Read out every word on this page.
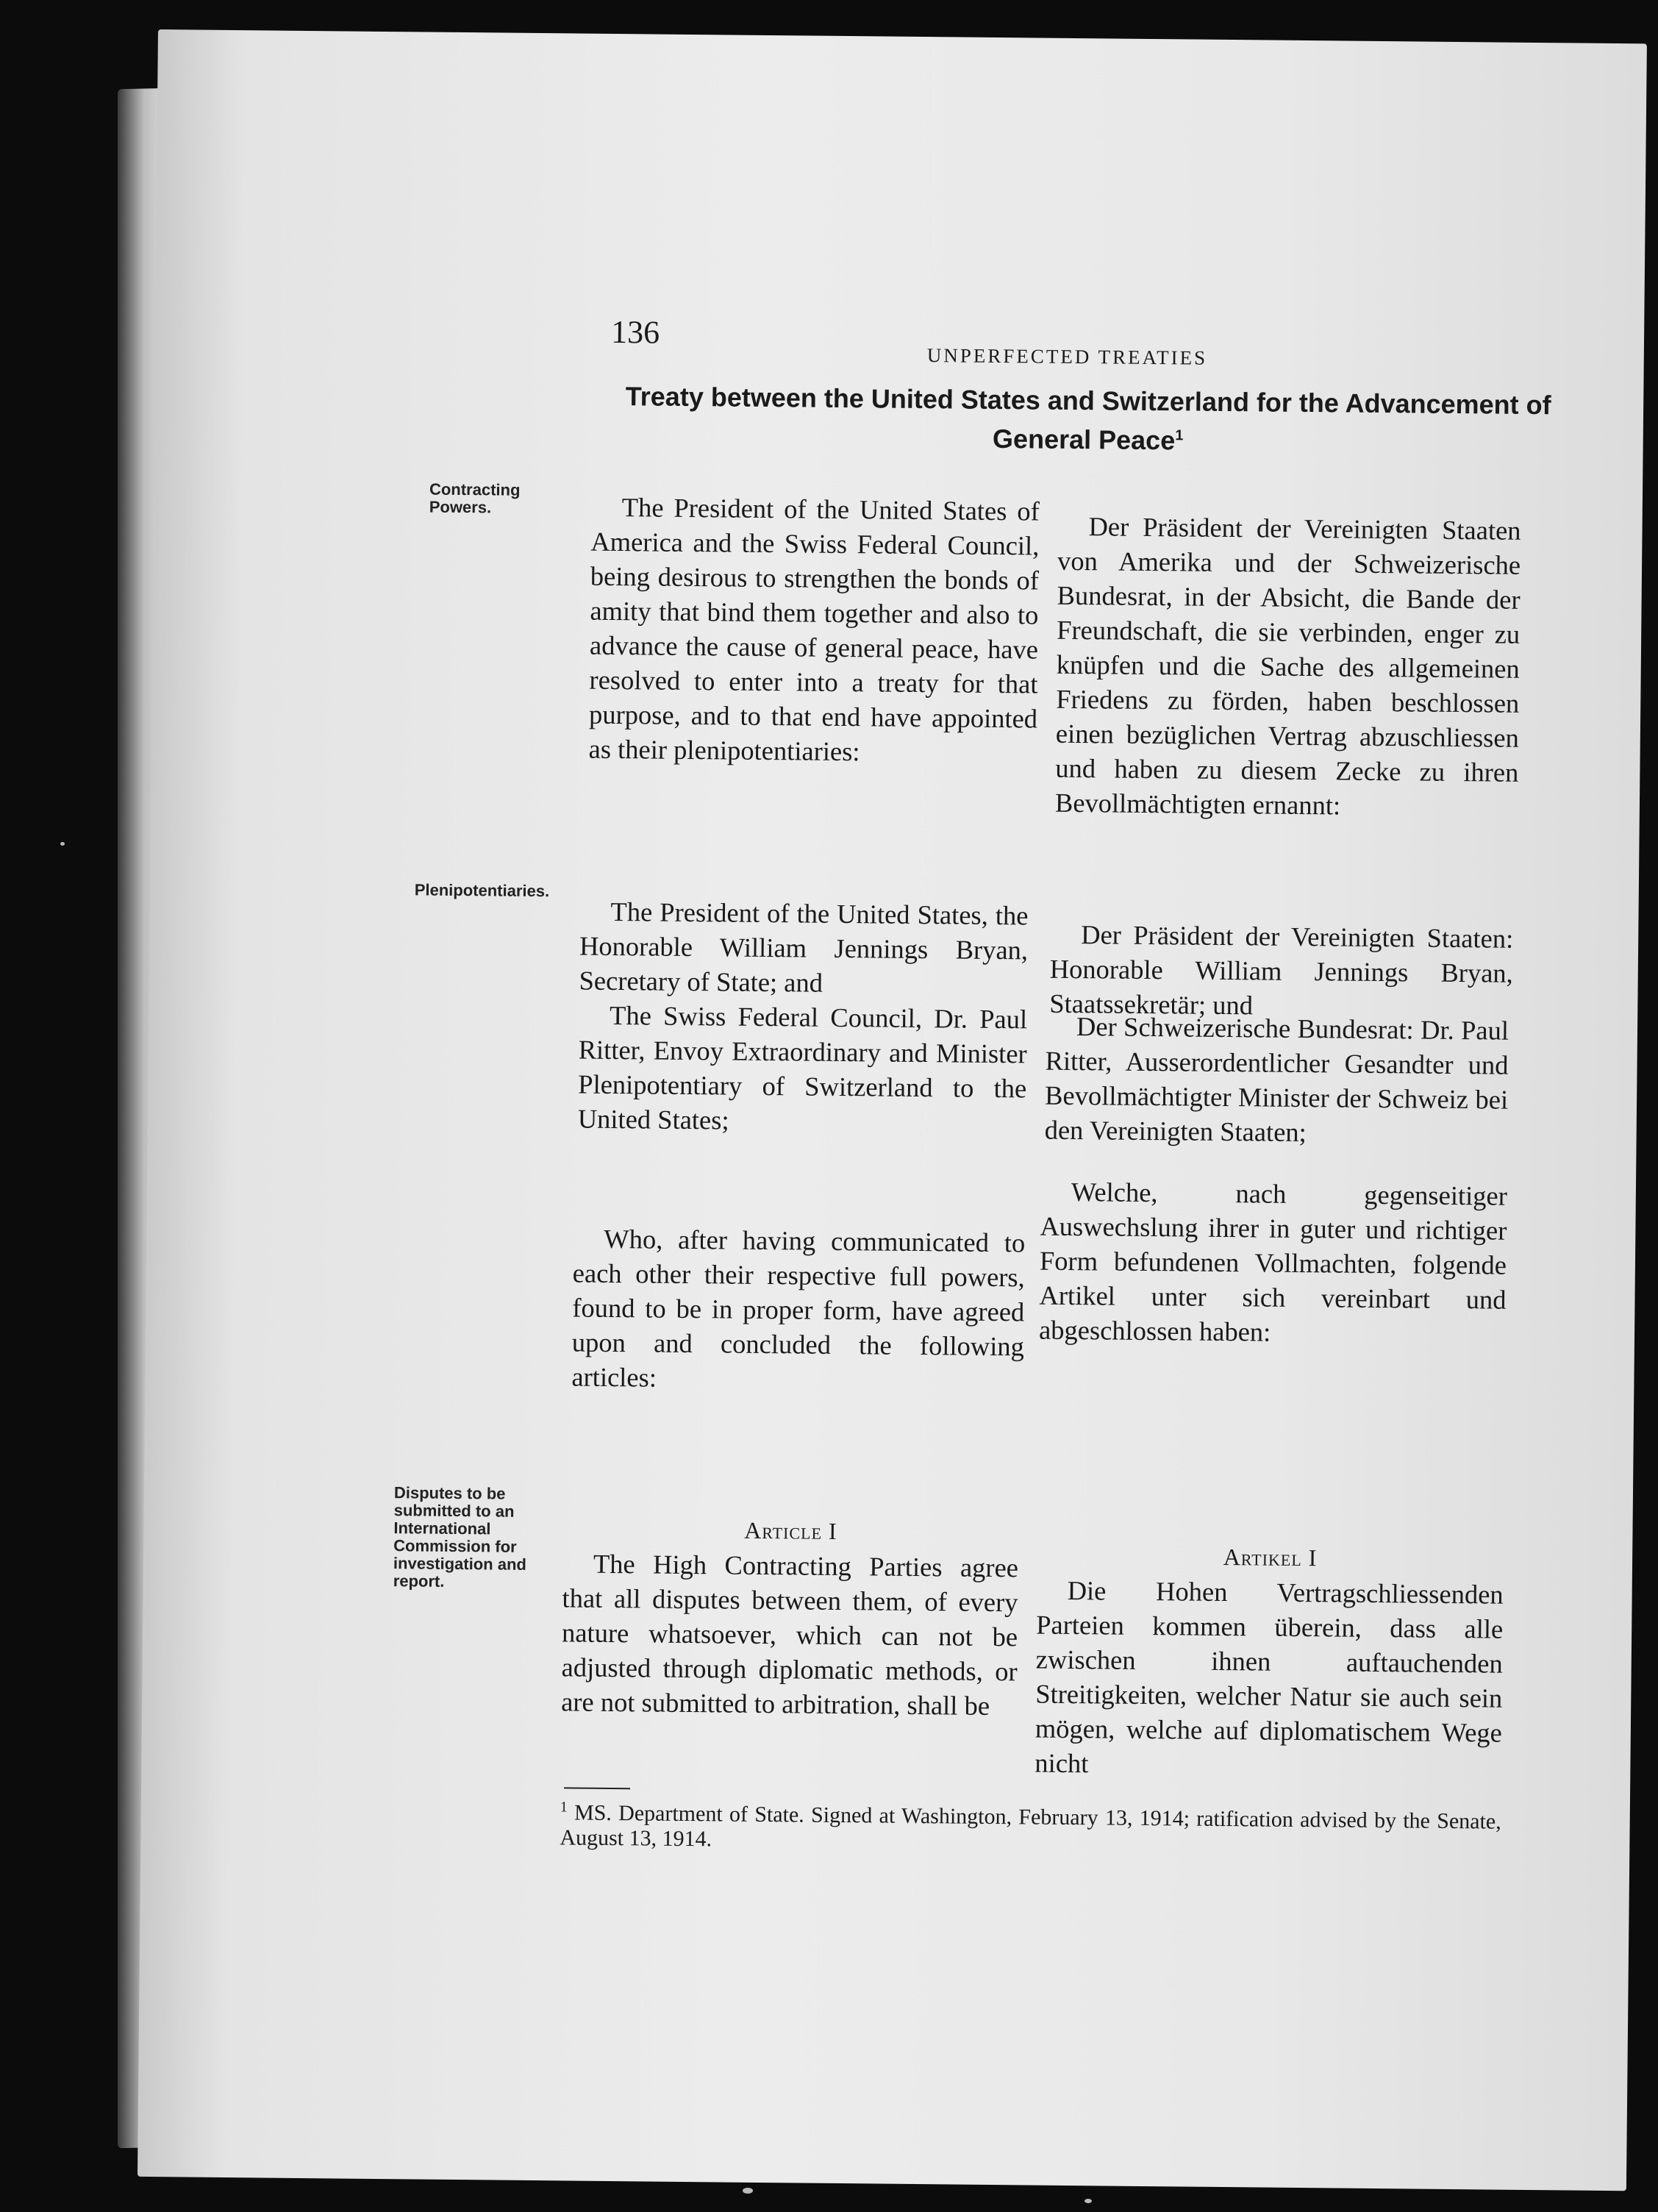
136
UNPERFECTED TREATIES
Treaty between the United States and Switzerland for the Advancement of General Peace$^1$
Contracting Powers.
Plenipotentiaries.
Disputes to be submitted to an International Commission for investigation and report.

The President of the United States of America and the Swiss Federal Council, being desirous to strengthen the bonds of amity that bind them together and also to advance the cause of general peace, have resolved to enter into a treaty for that purpose, and to that end have appointed as their plenipotentiaries:

The President of the United States, the Honorable William Jennings Bryan, Secretary of State; and

The Swiss Federal Council, Dr. Paul Ritter, Envoy Extraordinary and Minister Plenipotentiary of Switzerland to the United States;

Who, after having communicated to each other their respective full powers, found to be in proper form, have agreed upon and concluded the following articles:

Article I

The High Contracting Parties agree that all disputes between them, of every nature whatsoever, which can not be adjusted through diplomatic methods, or are not submitted to arbitration, shall be

Der Präsident der Vereinigten Staaten von Amerika und der Schweizerische Bundesrat, in der Absicht, die Bande der Freundschaft, die sie verbinden, enger zu knüpfen und die Sache des allgemeinen Friedens zu förden, haben beschlossen einen bezüglichen Vertrag abzuschliessen und haben zu diesem Zecke zu ihren Bevollmächtigten ernannt:

Der Präsident der Vereinigten Staaten: Honorable William Jennings Bryan, Staatssekretär; und

Der Schweizerische Bundesrat: Dr. Paul Ritter, Ausserordentlicher Gesandter und Bevollmächtigter Minister der Schweiz bei den Vereinigten Staaten;

Welche, nach gegenseitiger Auswechslung ihrer in guter und richtiger Form befundenen Vollmachten, folgende Artikel unter sich vereinbart und abgeschlossen haben:

Artikel I

Die Hohen Vertragschliessenden Parteien kommen überein, dass alle zwischen ihnen auftauchenden Streitigkeiten, welcher Natur sie auch sein mögen, welche auf diplomatischem Wege nicht

$^1$ MS. Department of State. Signed at Washington, February 13, 1914; ratification advised by the Senate, August 13, 1914.
